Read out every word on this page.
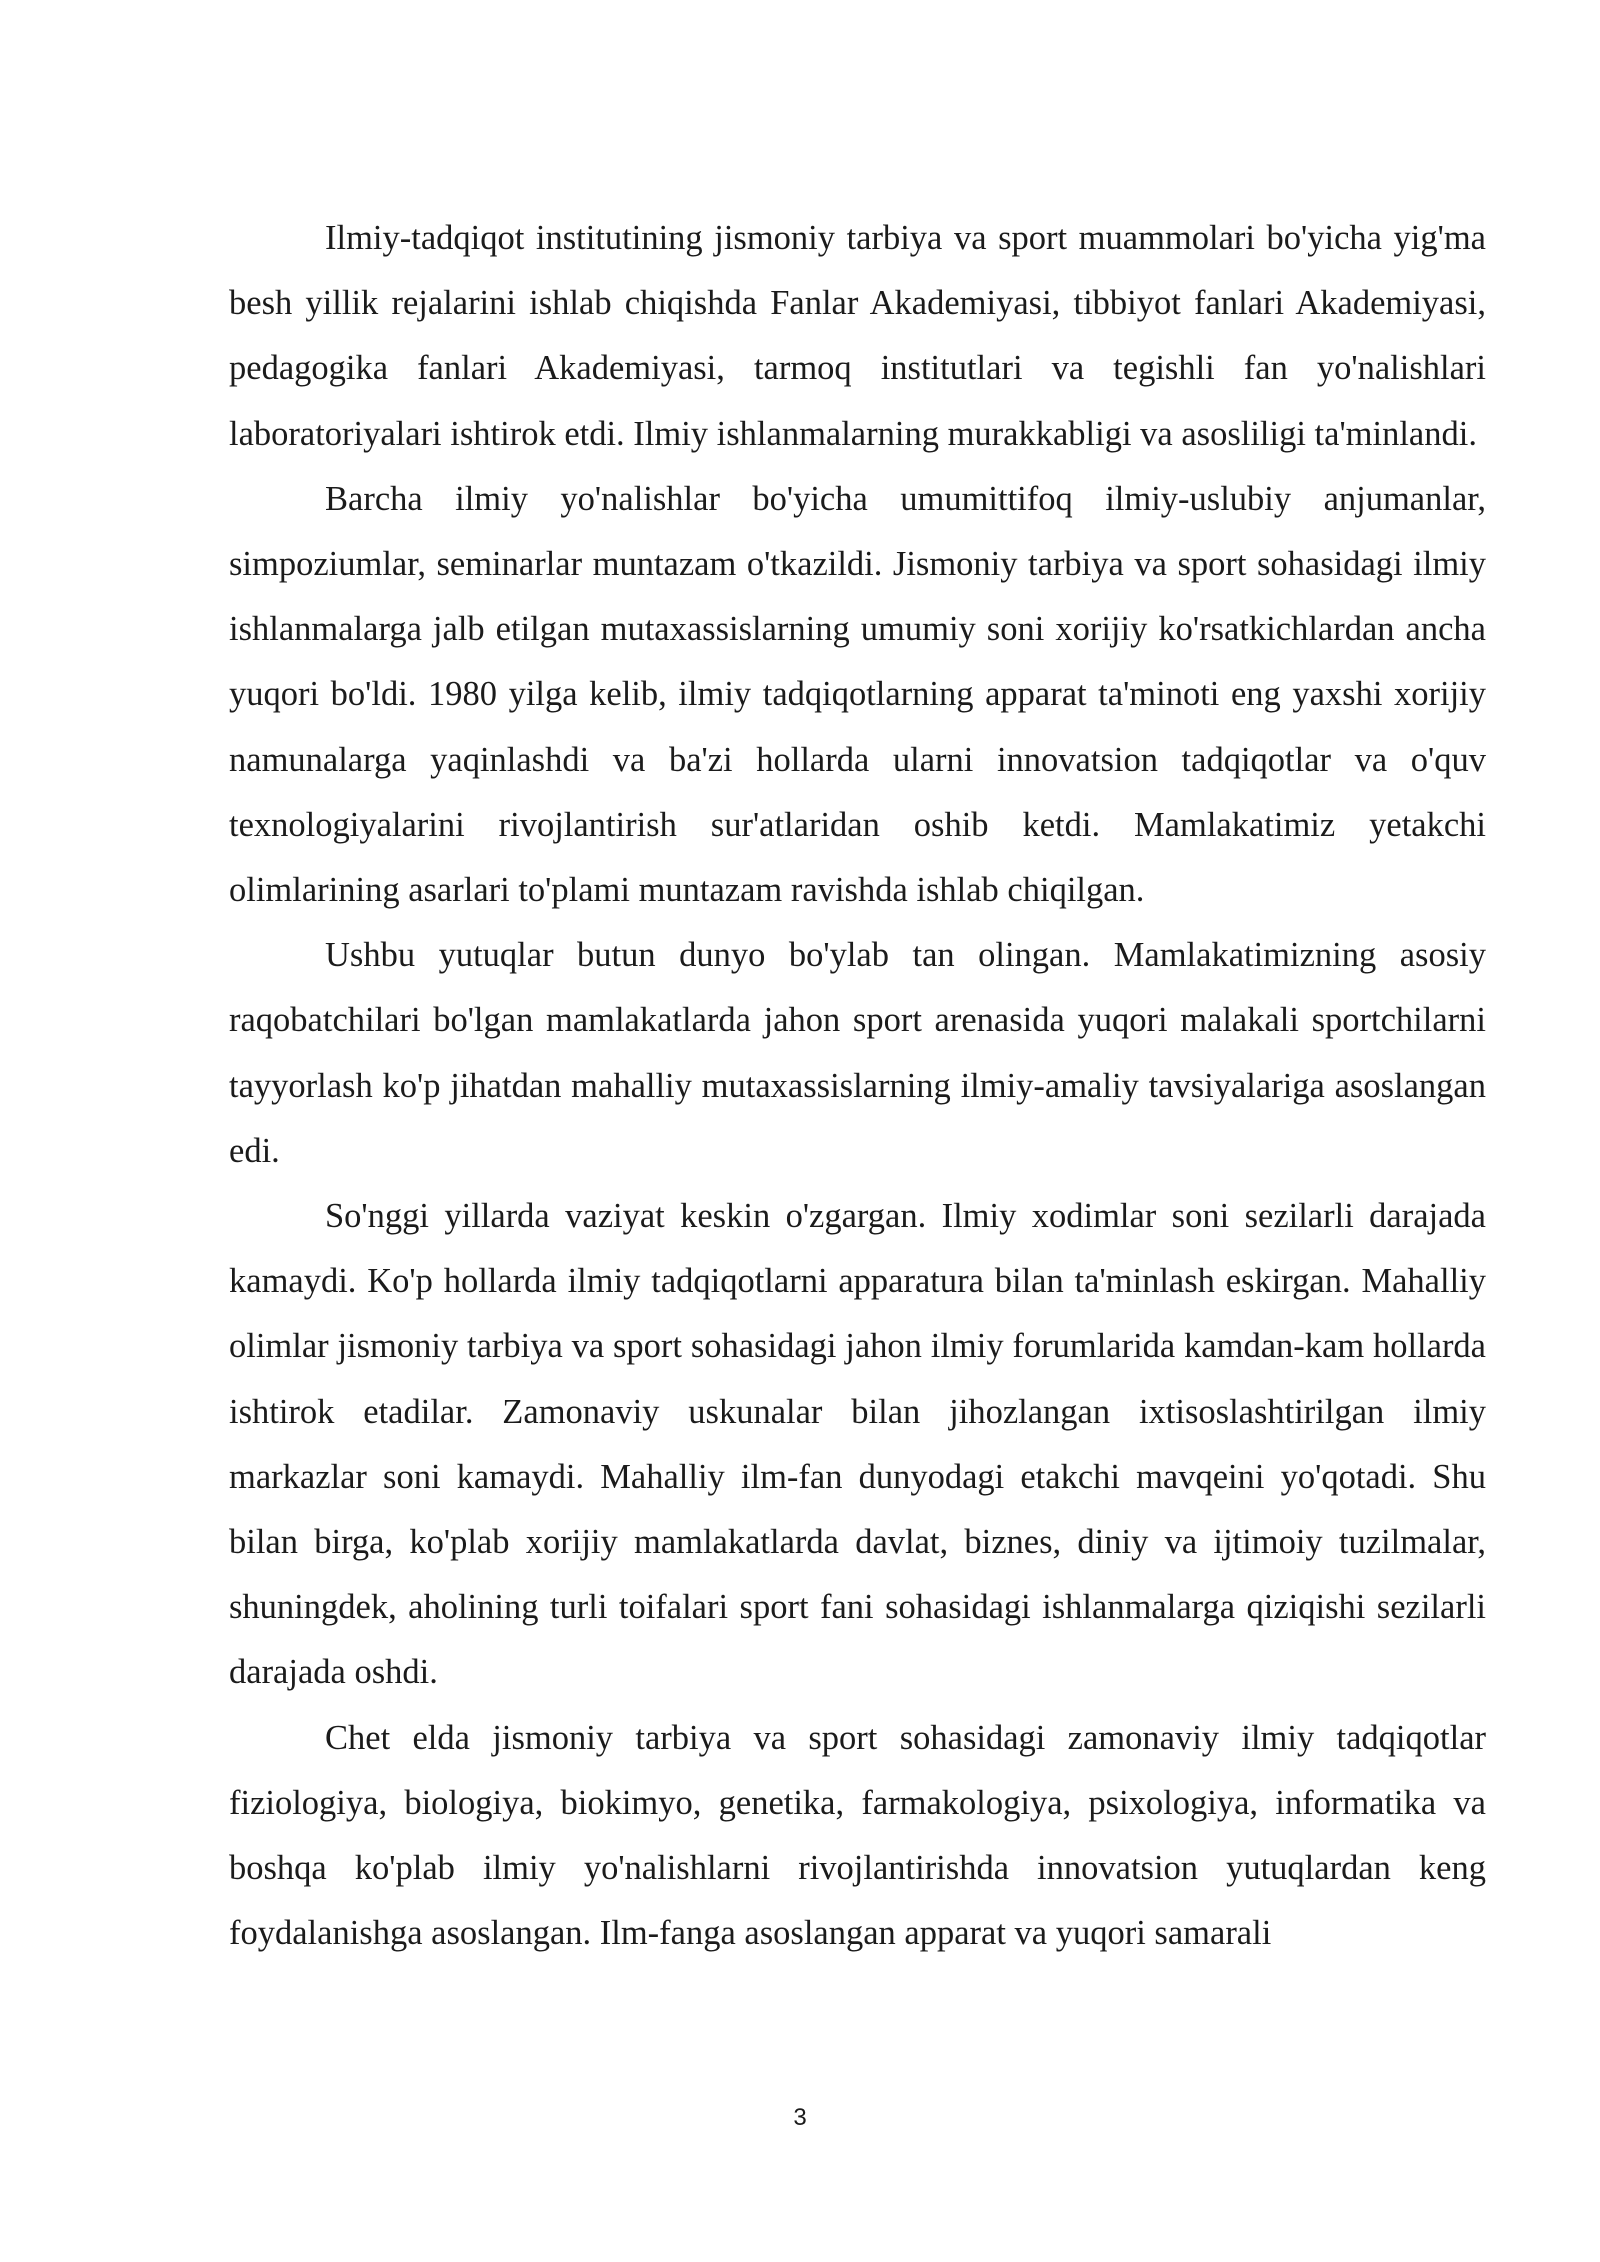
Ilmiy-tadqiqot institutining jismoniy tarbiya va sport muammolari bo'yicha yig'ma besh yillik rejalarini ishlab chiqishda Fanlar Akademiyasi, tibbiyot fanlari Akademiyasi, pedagogika fanlari Akademiyasi, tarmoq institutlari va tegishli fan yo'nalishlari laboratoriyalari ishtirok etdi. Ilmiy ishlanmalarning murakkabligi va asosliligi ta'minlandi.

Barcha ilmiy yo'nalishlar bo'yicha umumittifoq ilmiy-uslubiy anjumanlar, simpoziumlar, seminarlar muntazam o'tkazildi. Jismoniy tarbiya va sport sohasidagi ilmiy ishlanmalarga jalb etilgan mutaxassislarning umumiy soni xorijiy ko'rsatkichlardan ancha yuqori bo'ldi. 1980 yilga kelib, ilmiy tadqiqotlarning apparat ta'minoti eng yaxshi xorijiy namunalarga yaqinlashdi va ba'zi hollarda ularni innovatsion tadqiqotlar va o'quv texnologiyalarini rivojlantirish sur'atlaridan oshib ketdi. Mamlakatimiz yetakchi olimlarining asarlari to'plami muntazam ravishda ishlab chiqilgan.

Ushbu yutuqlar butun dunyo bo'ylab tan olingan. Mamlakatimizning asosiy raqobatchilari bo'lgan mamlakatlarda jahon sport arenasida yuqori malakali sportchilarni tayyorlash ko'p jihatdan mahalliy mutaxassislarning ilmiy-amaliy tavsiyalariga asoslangan edi.

So'nggi yillarda vaziyat keskin o'zgargan. Ilmiy xodimlar soni sezilarli darajada kamaydi. Ko'p hollarda ilmiy tadqiqotlarni apparatura bilan ta'minlash eskirgan. Mahalliy olimlar jismoniy tarbiya va sport sohasidagi jahon ilmiy forumlarida kamdan-kam hollarda ishtirok etadilar. Zamonaviy uskunalar bilan jihozlangan ixtisoslashtirilgan ilmiy markazlar soni kamaydi. Mahalliy ilm-fan dunyodagi etakchi mavqeini yo'qotadi. Shu bilan birga, ko'plab xorijiy mamlakatlarda davlat, biznes, diniy va ijtimoiy tuzilmalar, shuningdek, aholining turli toifalari sport fani sohasidagi ishlanmalarga qiziqishi sezilarli darajada oshdi.

Chet elda jismoniy tarbiya va sport sohasidagi zamonaviy ilmiy tadqiqotlar fiziologiya, biologiya, biokimyo, genetika, farmakologiya, psixologiya, informatika va boshqa ko'plab ilmiy yo'nalishlarni rivojlantirishda innovatsion yutuqlardan keng foydalanishga asoslangan. Ilm-fanga asoslangan apparat va yuqori samarali

3
